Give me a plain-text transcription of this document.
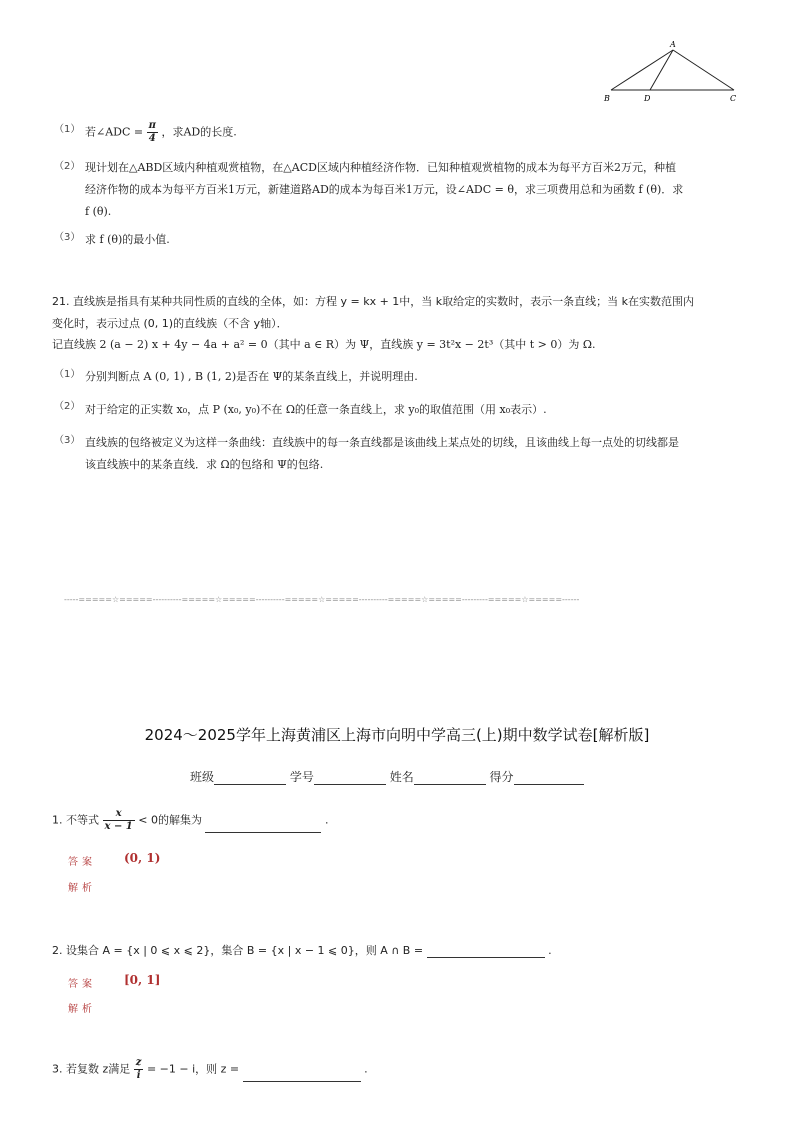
A
B	D	C
（1） 若∠ADC = $\frac{\pi}{4}$ ，求AD的长度.
（2） 现计划在△ABD区域内种植观赏植物，在△ACD区域内种植经济作物．已知种植观赏植物的成本为每平方百米2万元，种植
经济作物的成本为每平方百米1万元，新建道路AD的成本为每百米1万元，设∠ADC = θ，求三项费用总和为函数 f (θ)．求
f (θ).
（3） 求 f (θ)的最小值.
21. 直线族是指具有某种共同性质的直线的全体，如：方程 y = kx + 1中，当 k取给定的实数时，表示一条直线；当 k在实数范围内
变化时，表示过点 (0, 1)的直线族（不含 y轴）．
记直线族 2 (a − 2) x + 4y − 4a + a² = 0（其中 a ∈ R）为 Ψ，直线族 y = 3t²x − 2t³（其中 t > 0）为 Ω.
（1） 分别判断点 A (0, 1) , B (1, 2)是否在 Ψ的某条直线上，并说明理由.
（2） 对于给定的正实数 x₀，点 P (x₀, y₀)不在 Ω的任意一条直线上，求 y₀的取值范围（用 x₀表示）.
（3） 直线族的包络被定义为这样一条曲线：直线族中的每一条直线都是该曲线上某点处的切线，且该曲线上每一点处的切线都是
该直线族中的某条直线．求 Ω的包络和 Ψ的包络.
-----=====☆=====----------=====☆=====----------=====☆=====----------=====☆=====---------=====☆=====------
2024～2025学年上海黄浦区上海市向明中学高三(上)期中数学试卷[解析版]
班级	学号	姓名	得分
1. 不等式 $\frac{x}{x - 1} < 0$的解集为	.
答案 (0, 1)
解析
2. 设集合 A = {x | 0 ⩽ x ⩽ 2}，集合 B = {x | x − 1 ⩽ 0}，则 A ∩ B =	.
答案 [0, 1]
解析
3. 若复数 z满足 $\frac{z}{i} = -1 - i$，则 z =	.
